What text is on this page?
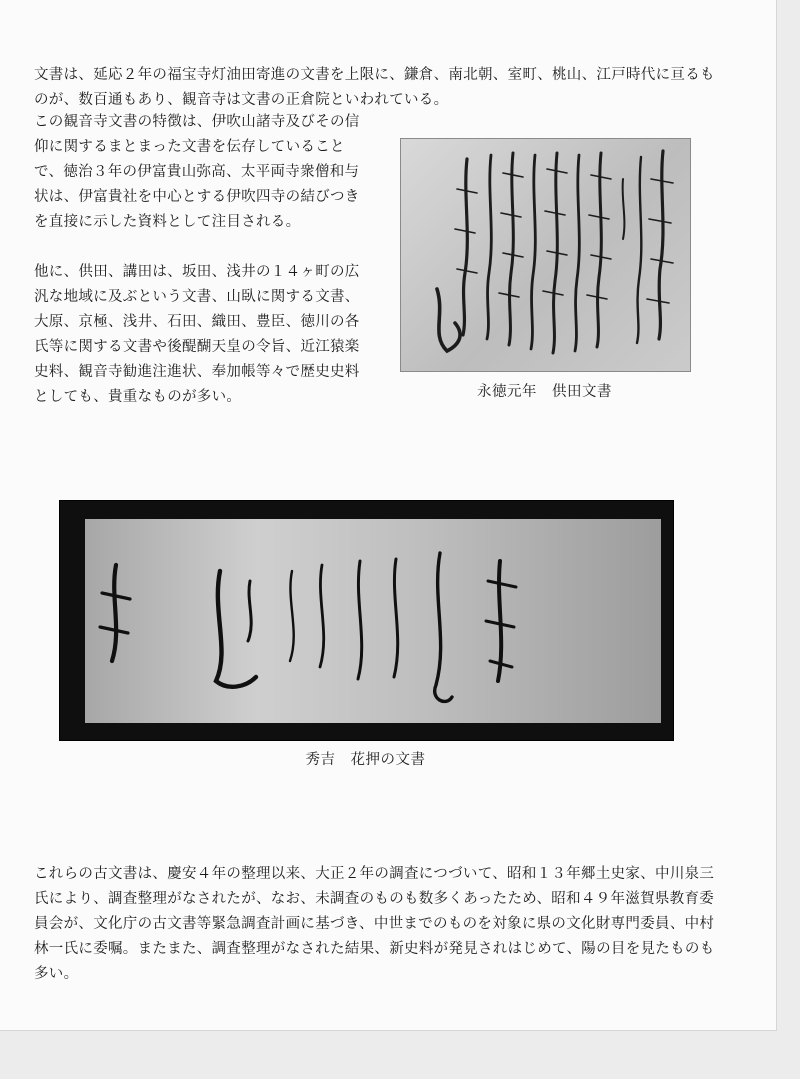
文書は、延応２年の福宝寺灯油田寄進の文書を上限に、鎌倉、南北朝、室町、桃山、江戸時代に亘るものが、数百通もあり、観音寺は文書の正倉院といわれている。

この観音寺文書の特徴は、伊吹山諸寺及びその信仰に関するまとまった文書を伝存していることで、徳治３年の伊富貴山弥高、太平両寺衆僧和与状は、伊富貴社を中心とする伊吹四寺の結びつきを直接に示した資料として注目される。

他に、供田、講田は、坂田、浅井の１４ヶ町の広汎な地域に及ぶという文書、山臥に関する文書、大原、京極、浅井、石田、織田、豊臣、徳川の各氏等に関する文書や後醍醐天皇の令旨、近江猿楽史料、観音寺勧進注進状、奉加帳等々で歴史史料としても、貴重なものが多い。	永徳元年　供田文書

秀吉　花押の文書

これらの古文書は、慶安４年の整理以来、大正２年の調査につづいて、昭和１３年郷土史家、中川泉三氏により、調査整理がなされたが、なお、未調査のものも数多くあったため、昭和４９年滋賀県教育委員会が、文化庁の古文書等緊急調査計画に基づき、中世までのものを対象に県の文化財専門委員、中村林一氏に委嘱。またまた、調査整理がなされた結果、新史料が発見されはじめて、陽の目を見たものも多い。
